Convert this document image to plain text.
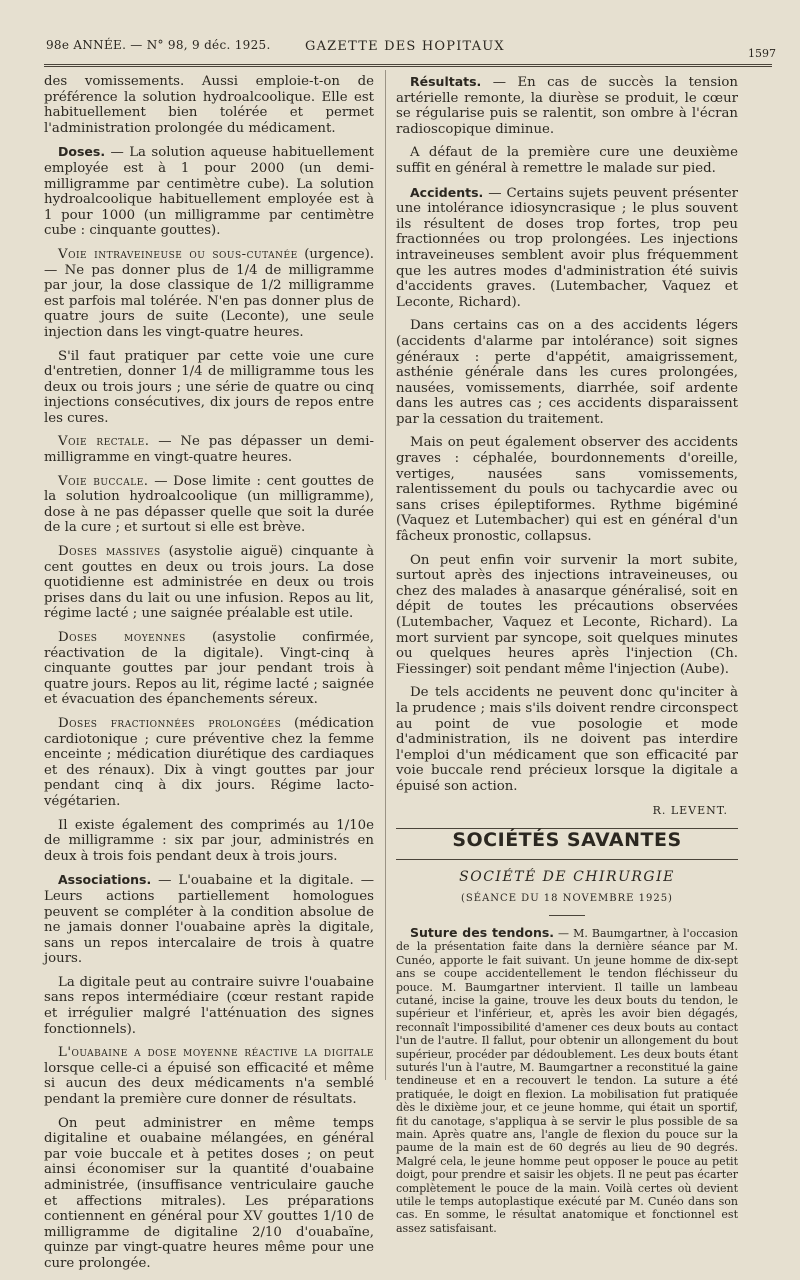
98e ANNÉE. — N° 98, 9 déc. 1925.	GAZETTE DES HOPITAUX	1597

des vomissements. Aussi emploie-t-on de préférence la solution hydroalcoolique. Elle est habituellement bien tolérée et permet l'administration prolongée du médicament.

Doses. — La solution aqueuse habituellement employée est à 1 pour 2000 (un demi-milligramme par centimètre cube). La solution hydroalcoolique habituellement employée est à 1 pour 1000 (un milligramme par centimètre cube : cinquante gouttes).

Voie intraveineuse ou sous-cutanée (urgence). — Ne pas donner plus de 1/4 de milligramme par jour, la dose classique de 1/2 milligramme est parfois mal tolérée. N'en pas donner plus de quatre jours de suite (Leconte), une seule injection dans les vingt-quatre heures.

S'il faut pratiquer par cette voie une cure d'entretien, donner 1/4 de milligramme tous les deux ou trois jours ; une série de quatre ou cinq injections consécutives, dix jours de repos entre les cures.

Voie rectale. — Ne pas dépasser un demi-milligramme en vingt-quatre heures.

Voie buccale. — Dose limite : cent gouttes de la solution hydroalcoolique (un milligramme), dose à ne pas dépasser quelle que soit la durée de la cure ; et surtout si elle est brève.

Doses massives (asystolie aiguë) cinquante à cent gouttes en deux ou trois jours. La dose quotidienne est administrée en deux ou trois prises dans du lait ou une infusion. Repos au lit, régime lacté ; une saignée préalable est utile.

Doses moyennes (asystolie confirmée, réactivation de la digitale). Vingt-cinq à cinquante gouttes par jour pendant trois à quatre jours. Repos au lit, régime lacté ; saignée et évacuation des épanchements séreux.

Doses fractionnées prolongées (médication cardiotonique ; cure préventive chez la femme enceinte ; médication diurétique des cardiaques et des rénaux). Dix à vingt gouttes par jour pendant cinq à dix jours. Régime lacto-végétarien.

Il existe également des comprimés au 1/10e de milligramme : six par jour, administrés en deux à trois fois pendant deux à trois jours.

Associations. — L'ouabaine et la digitale. — Leurs actions partiellement homologues peuvent se compléter à la condition absolue de ne jamais donner l'ouabaine après la digitale, sans un repos intercalaire de trois à quatre jours.

La digitale peut au contraire suivre l'ouabaine sans repos intermédiaire (cœur restant rapide et irrégulier malgré l'atténuation des signes fonctionnels).

L'ouabaine a dose moyenne réactive la digitale lorsque celle-ci a épuisé son efficacité et même si aucun des deux médicaments n'a semblé pendant la première cure donner de résultats.

On peut administrer en même temps digitaline et ouabaine mélangées, en général par voie buccale et à petites doses ; on peut ainsi économiser sur la quantité d'ouabaine administrée, (insuffisance ventriculaire gauche et affections mitrales). Les préparations contiennent en général pour XV gouttes 1/10 de milligramme de digitaline 2/10 d'ouabaïne, quinze par vingt-quatre heures même pour une cure prolongée.

Résultats. — En cas de succès la tension artérielle remonte, la diurèse se produit, le cœur se régularise puis se ralentit, son ombre à l'écran radioscopique diminue.

A défaut de la première cure une deuxième suffit en général à remettre le malade sur pied.

Accidents. — Certains sujets peuvent présenter une intolérance idiosyncrasique ; le plus souvent ils résultent de doses trop fortes, trop peu fractionnées ou trop prolongées. Les injections intraveineuses semblent avoir plus fréquemment que les autres modes d'administration été suivis d'accidents graves. (Lutembacher, Vaquez et Leconte, Richard).

Dans certains cas on a des accidents légers (accidents d'alarme par intolérance) soit signes généraux : perte d'appétit, amaigrissement, asthénie générale dans les cures prolongées, nausées, vomissements, diarrhée, soif ardente dans les autres cas ; ces accidents disparaissent par la cessation du traitement.

Mais on peut également observer des accidents graves : céphalée, bourdonnements d'oreille, vertiges, nausées sans vomissements, ralentissement du pouls ou tachycardie avec ou sans crises épileptiformes. Rythme bigéminé (Vaquez et Lutembacher) qui est en général d'un fâcheux pronostic, collapsus.

On peut enfin voir survenir la mort subite, surtout après des injections intraveineuses, ou chez des malades à anasarque généralisé, soit en dépit de toutes les précautions observées (Lutembacher, Vaquez et Leconte, Richard). La mort survient par syncope, soit quelques minutes ou quelques heures après l'injection (Ch. Fiessinger) soit pendant même l'injection (Aube).

De tels accidents ne peuvent donc qu'inciter à la prudence ; mais s'ils doivent rendre circonspect au point de vue posologie et mode d'administration, ils ne doivent pas interdire l'emploi d'un médicament que son efficacité par voie buccale rend précieux lorsque la digitale a épuisé son action.

R. LEVENT.
SOCIÉTÉS SAVANTES
SOCIÉTÉ DE CHIRURGIE
(SÉANCE DU 18 NOVEMBRE 1925)

Suture des tendons. — M. Baumgartner, à l'occasion de la présentation faite dans la dernière séance par M. Cunéo, apporte le fait suivant. Un jeune homme de dix-sept ans se coupe accidentellement le tendon fléchisseur du pouce. M. Baumgartner intervient. Il taille un lambeau cutané, incise la gaine, trouve les deux bouts du tendon, le supérieur et l'inférieur, et, après les avoir bien dégagés, reconnaît l'impossibilité d'amener ces deux bouts au contact l'un de l'autre. Il fallut, pour obtenir un allongement du bout supérieur, procéder par dédoublement. Les deux bouts étant suturés l'un à l'autre, M. Baumgartner a reconstitué la gaine tendineuse et en a recouvert le tendon. La suture a été pratiquée, le doigt en flexion. La mobilisation fut pratiquée dès le dixième jour, et ce jeune homme, qui était un sportif, fit du canotage, s'appliqua à se servir le plus possible de sa main. Après quatre ans, l'angle de flexion du pouce sur la paume de la main est de 60 degrés au lieu de 90 degrés. Malgré cela, le jeune homme peut opposer le pouce au petit doigt, pour prendre et saisir les objets. Il ne peut pas écarter complètement le pouce de la main. Voilà certes où devient utile le temps autoplastique exécuté par M. Cunéo dans son cas. En somme, le résultat anatomique et fonctionnel est assez satisfaisant.
